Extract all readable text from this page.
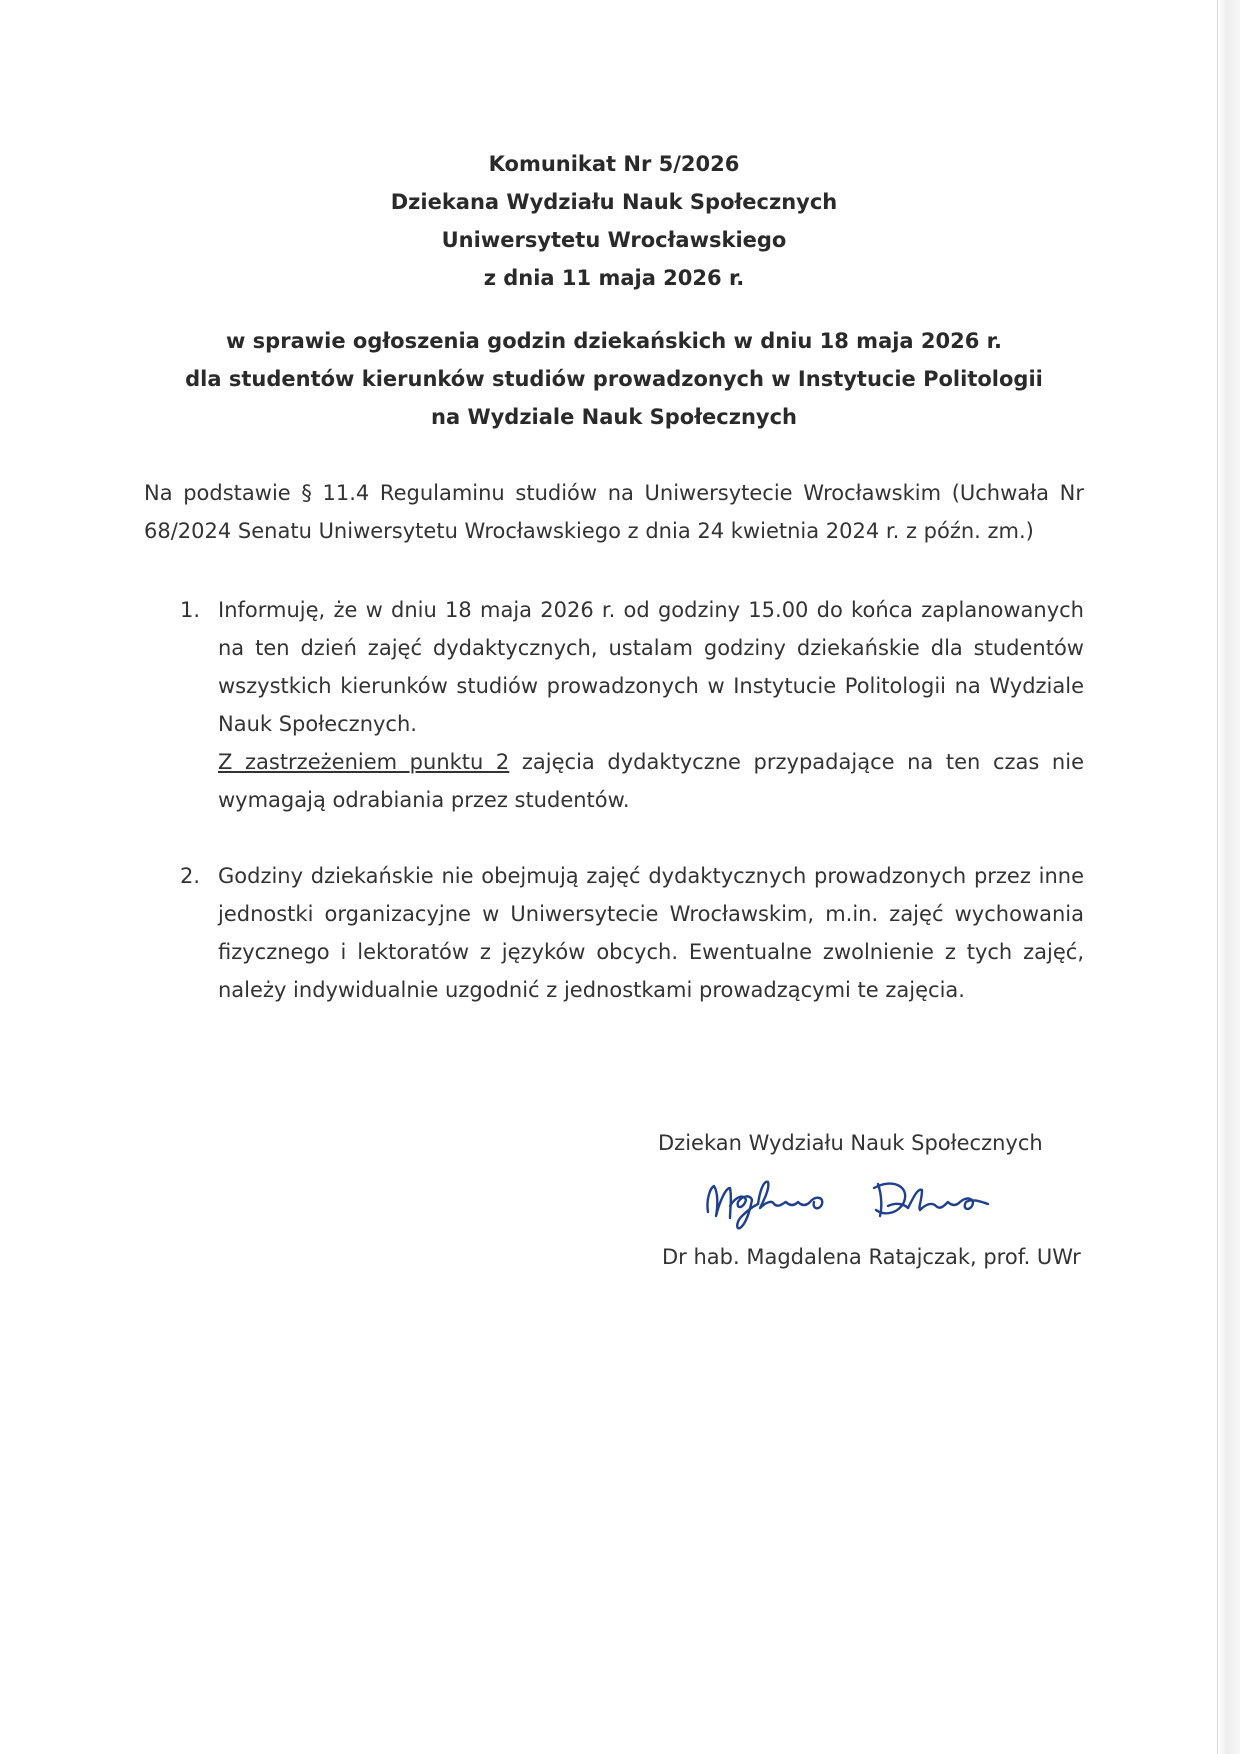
Komunikat Nr 5/2026
Dziekana Wydziału Nauk Społecznych
Uniwersytetu Wrocławskiego
z dnia 11 maja 2026 r.
w sprawie ogłoszenia godzin dziekańskich w dniu 18 maja 2026 r.
dla studentów kierunków studiów prowadzonych w Instytucie Politologii
na Wydziale Nauk Społecznych
Na podstawie § 11.4 Regulaminu studiów na Uniwersytecie Wrocławskim (Uchwała Nr
68/2024 Senatu Uniwersytetu Wrocławskiego z dnia 24 kwietnia 2024 r. z późn. zm.)
1. Informuję, że w dniu 18 maja 2026 r. od godziny 15.00 do końca zaplanowanych
na ten dzień zajęć dydaktycznych, ustalam godziny dziekańskie dla studentów
wszystkich kierunków studiów prowadzonych w Instytucie Politologii na Wydziale
Nauk Społecznych.
Z zastrzeżeniem punktu 2 zajęcia dydaktyczne przypadające na ten czas nie
wymagają odrabiania przez studentów.
2. Godziny dziekańskie nie obejmują zajęć dydaktycznych prowadzonych przez inne
jednostki organizacyjne w Uniwersytecie Wrocławskim, m.in. zajęć wychowania
fizycznego i lektoratów z języków obcych. Ewentualne zwolnienie z tych zajęć,
należy indywidualnie uzgodnić z jednostkami prowadzącymi te zajęcia.
Dziekan Wydziału Nauk Społecznych
Dr hab. Magdalena Ratajczak, prof. UWr
